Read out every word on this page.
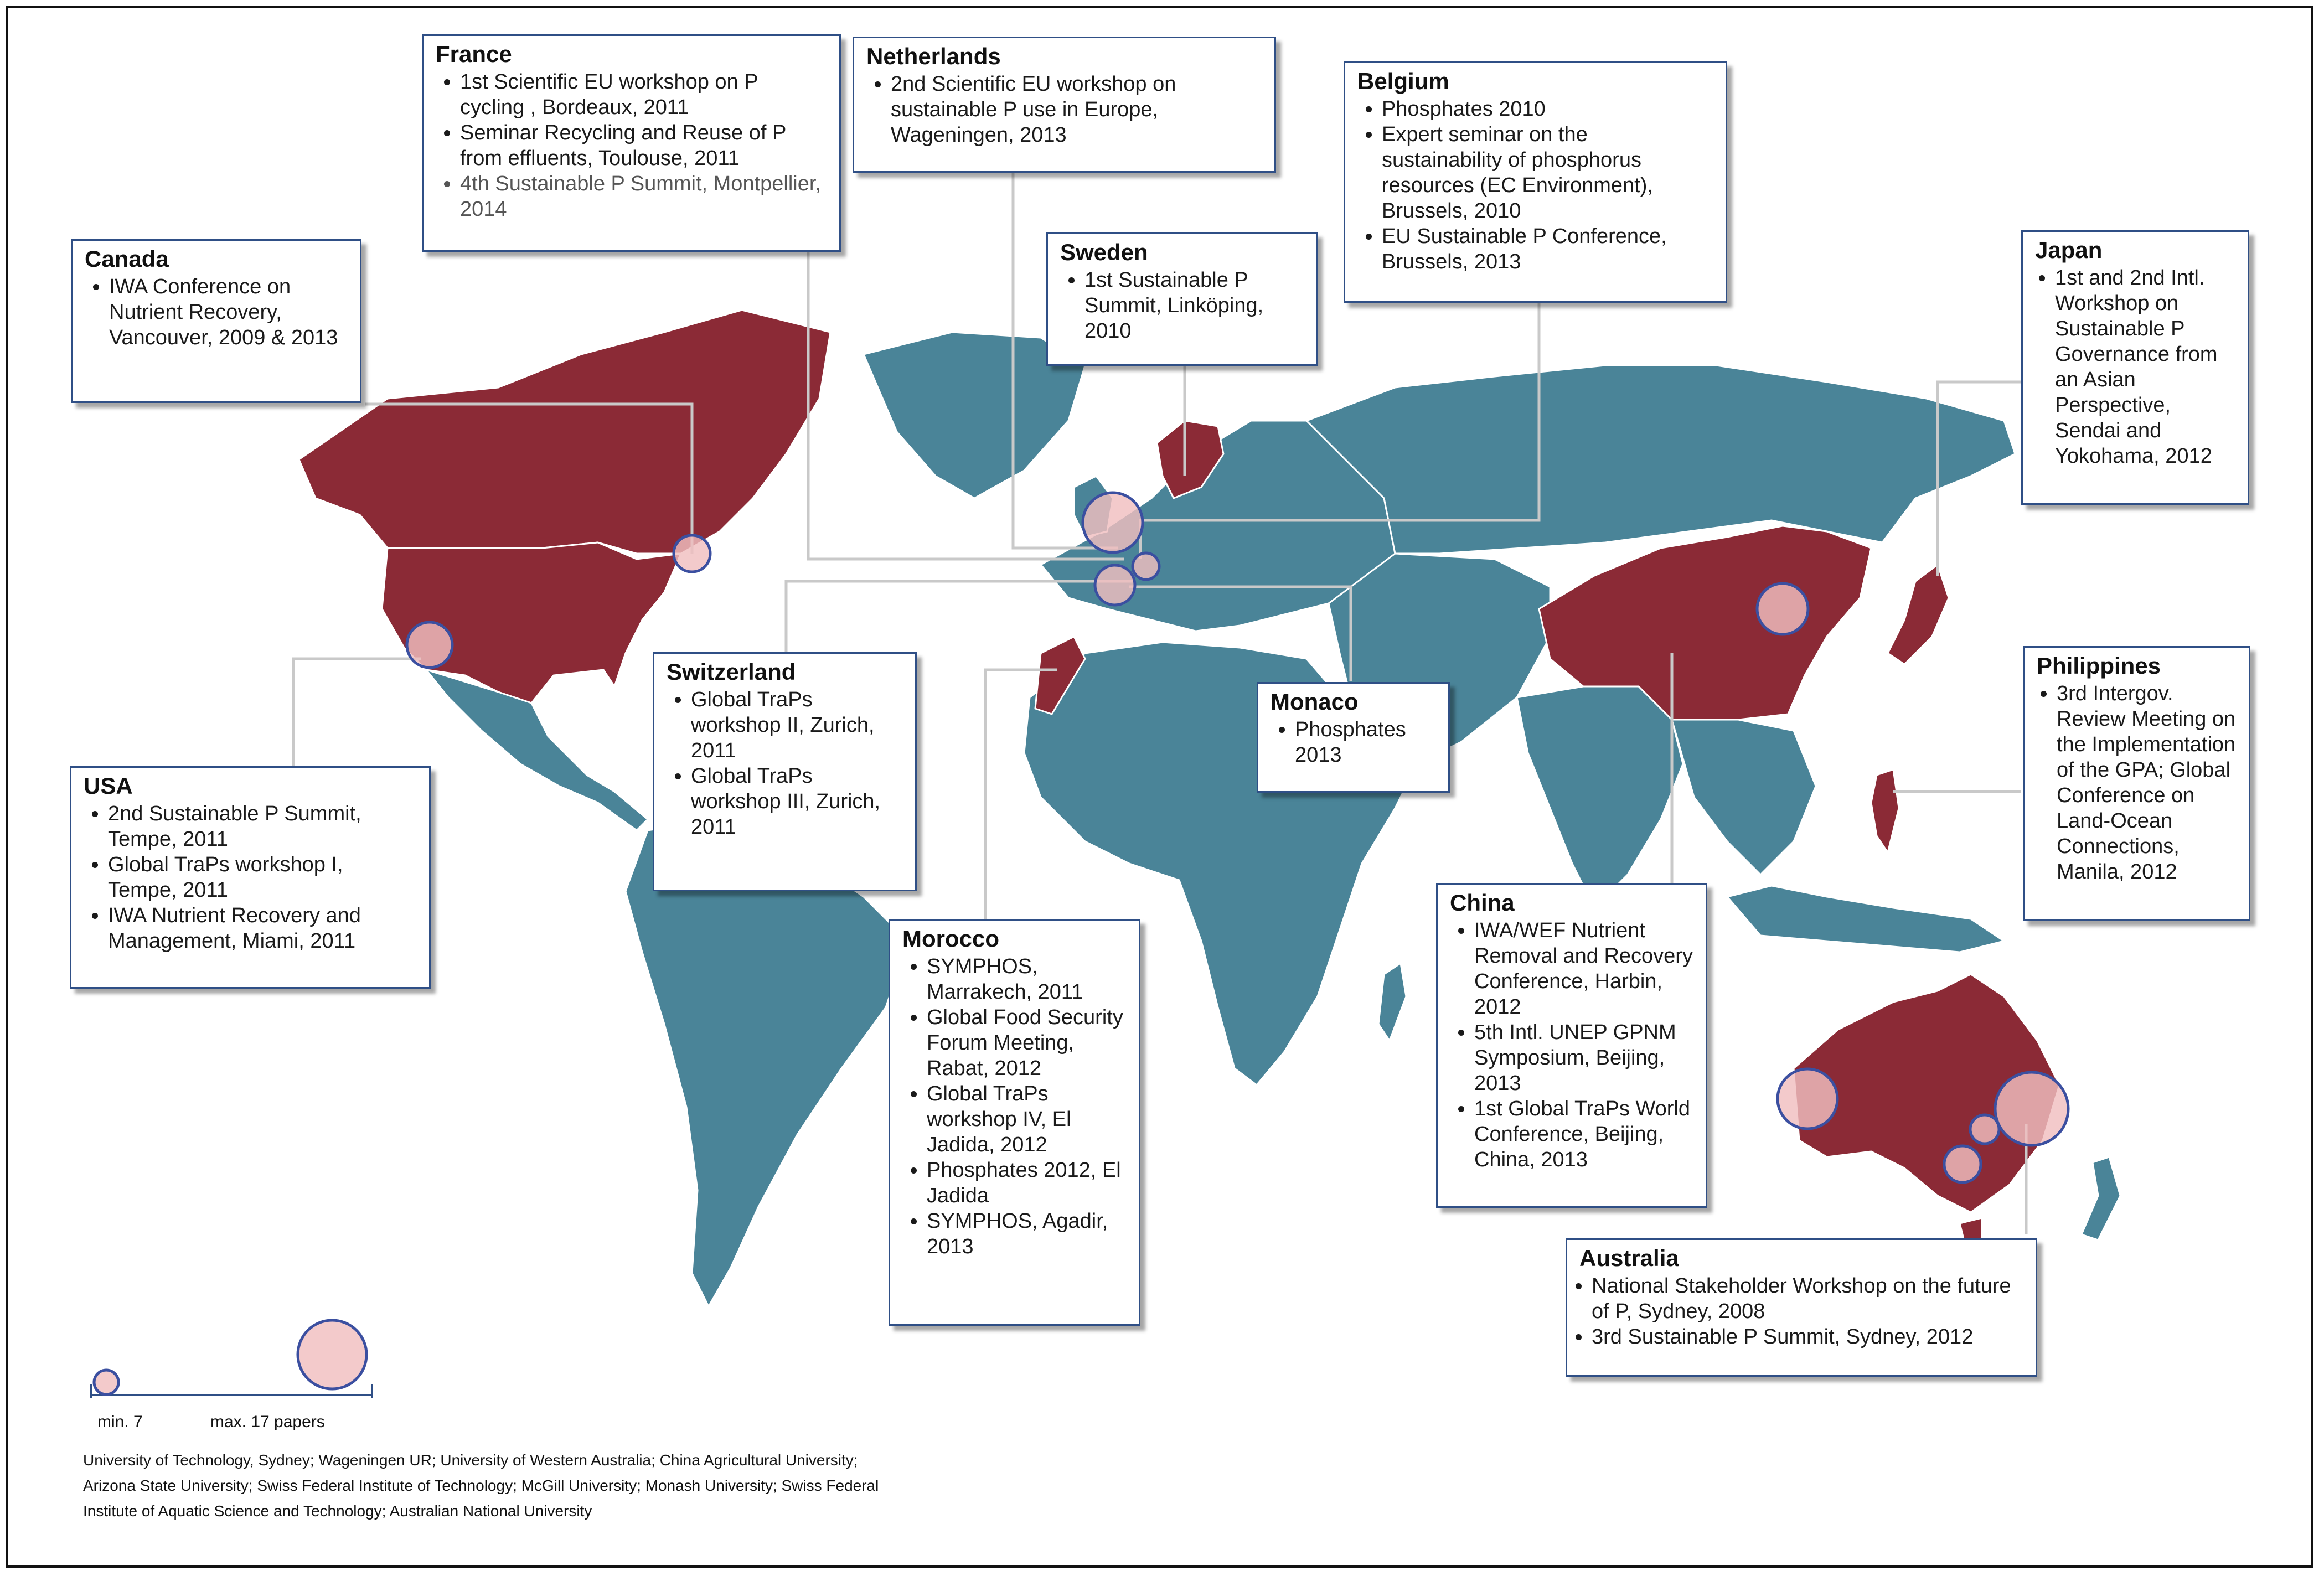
France
• 1st Scientific EU workshop on P cycling , Bordeaux, 2011
• Seminar Recycling and Reuse of P from effluents, Toulouse, 2011
• 4th Sustainable P Summit, Montpellier, 2014
Netherlands
• 2nd Scientific EU workshop on sustainable P use in Europe, Wageningen, 2013
Belgium
• Phosphates 2010
• Expert seminar on the sustainability of phosphorus resources (EC Environment), Brussels, 2010
• EU Sustainable P Conference, Brussels, 2013
Sweden
• 1st Sustainable P Summit, Linköping, 2010
Canada
• IWA Conference on Nutrient Recovery, Vancouver, 2009 & 2013
Japan
• 1st and 2nd Intl. Workshop on Sustainable P Governance from an Asian Perspective, Sendai and Yokohama, 2012
Switzerland
• Global TraPs workshop II, Zurich, 2011
• Global TraPs workshop III, Zurich, 2011
Monaco
• Phosphates 2013
Philippines
• 3rd Intergov. Review Meeting on the Implementation of the GPA; Global Conference on Land-Ocean Connections, Manila, 2012
USA
• 2nd Sustainable P Summit, Tempe, 2011
• Global TraPs workshop I, Tempe, 2011
• IWA Nutrient Recovery and Management, Miami, 2011	Morocco
• SYMPHOS, Marrakech, 2011
• Global Food Security Forum Meeting, Rabat, 2012
• Global TraPs workshop IV, El Jadida, 2012
• Phosphates 2012, El Jadida
• SYMPHOS, Agadir, 2013
China
• IWA/WEF Nutrient Removal and Recovery Conference, Harbin, 2012
• 5th Intl. UNEP GPNM Symposium, Beijing, 2013
• 1st Global TraPs World Conference, Beijing, China, 2013
Australia
• National Stakeholder Workshop on the future of P, Sydney, 2008
• 3rd Sustainable P Summit, Sydney, 2012
min. 7	max. 17 papers
University of Technology, Sydney; Wageningen UR; University of Western Australia; China Agricultural University; Arizona State University; Swiss Federal Institute of Technology; McGill University; Monash University; Swiss Federal Institute of Aquatic Science and Technology; Australian National University
